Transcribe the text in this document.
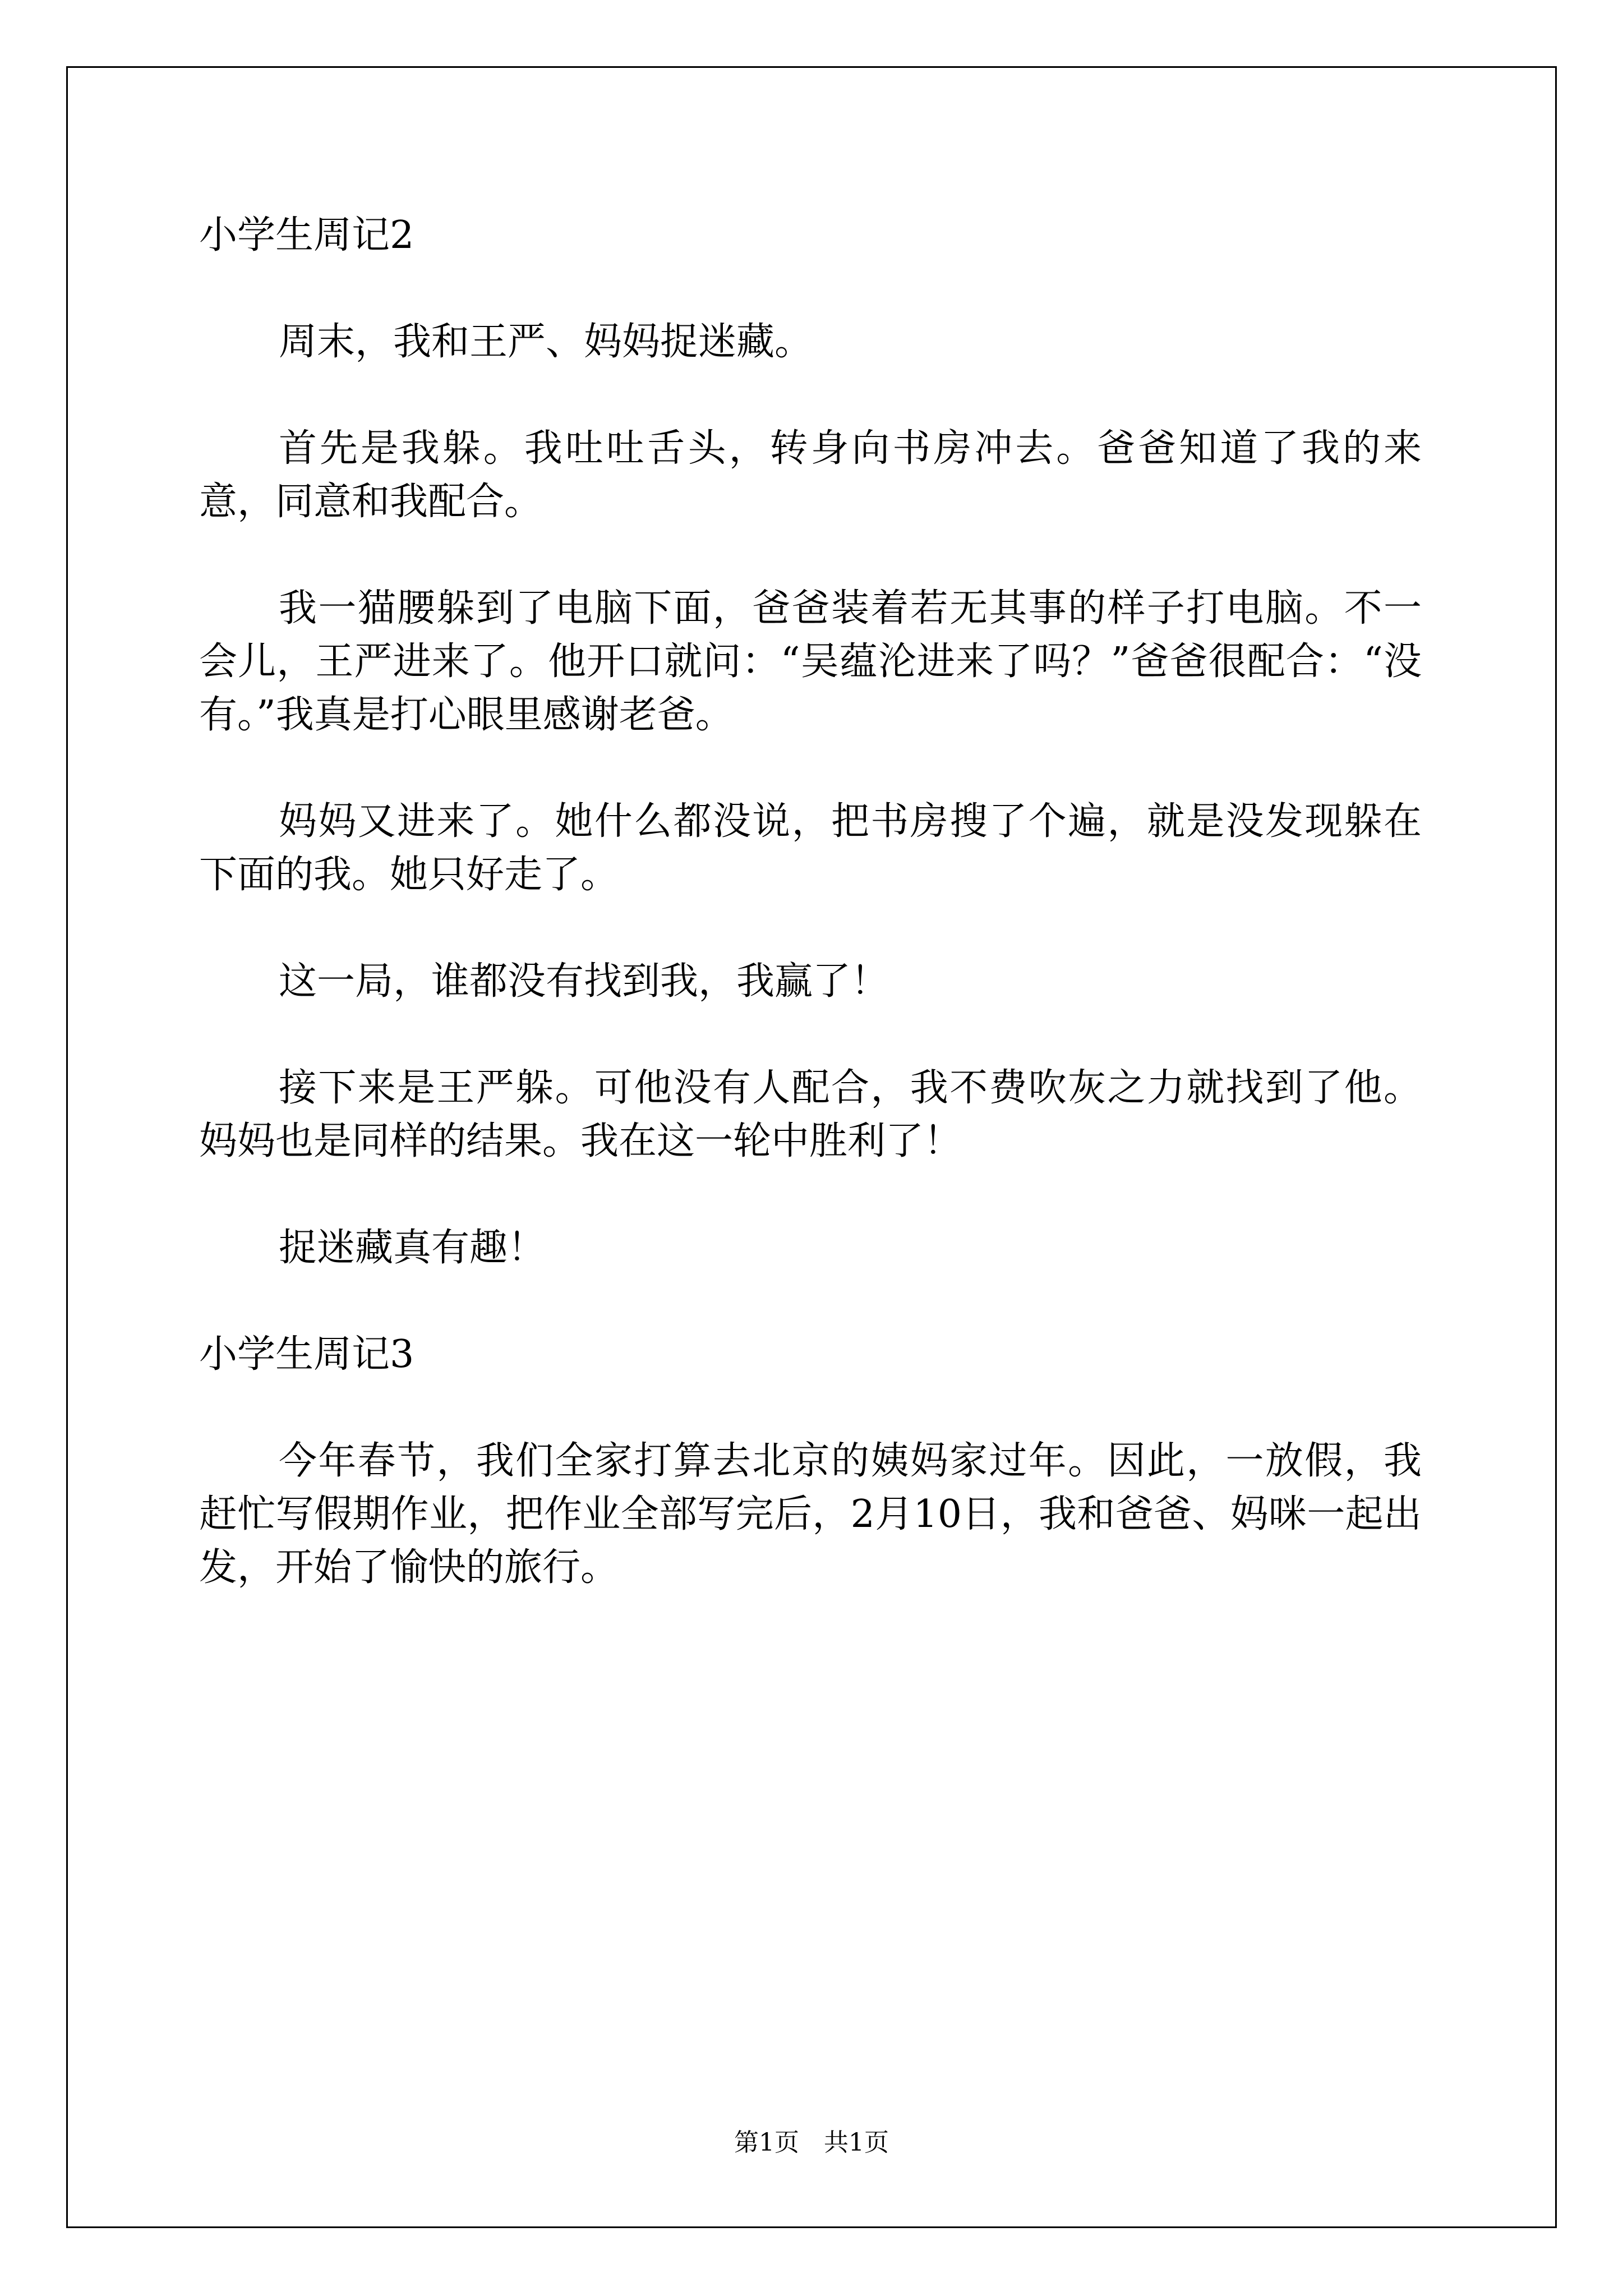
小学生周记2

周末，我和王严、妈妈捉迷藏。

首先是我躲。我吐吐舌头，转身向书房冲去。爸爸知道了我的来意，同意和我配合。

我一猫腰躲到了电脑下面，爸爸装着若无其事的样子打电脑。不一会儿，王严进来了。他开口就问：“吴蕴沦进来了吗？”爸爸很配合：“没有。”我真是打心眼里感谢老爸。

妈妈又进来了。她什么都没说，把书房搜了个遍，就是没发现躲在下面的我。她只好走了。

这一局，谁都没有找到我，我赢了！

接下来是王严躲。可他没有人配合，我不费吹灰之力就找到了他。妈妈也是同样的结果。我在这一轮中胜利了！

捉迷藏真有趣！

小学生周记3

今年春节，我们全家打算去北京的姨妈家过年。因此，一放假，我赶忙写假期作业，把作业全部写完后，2月10日，我和爸爸、妈咪一起出发，开始了愉快的旅行。

第1页　共1页
